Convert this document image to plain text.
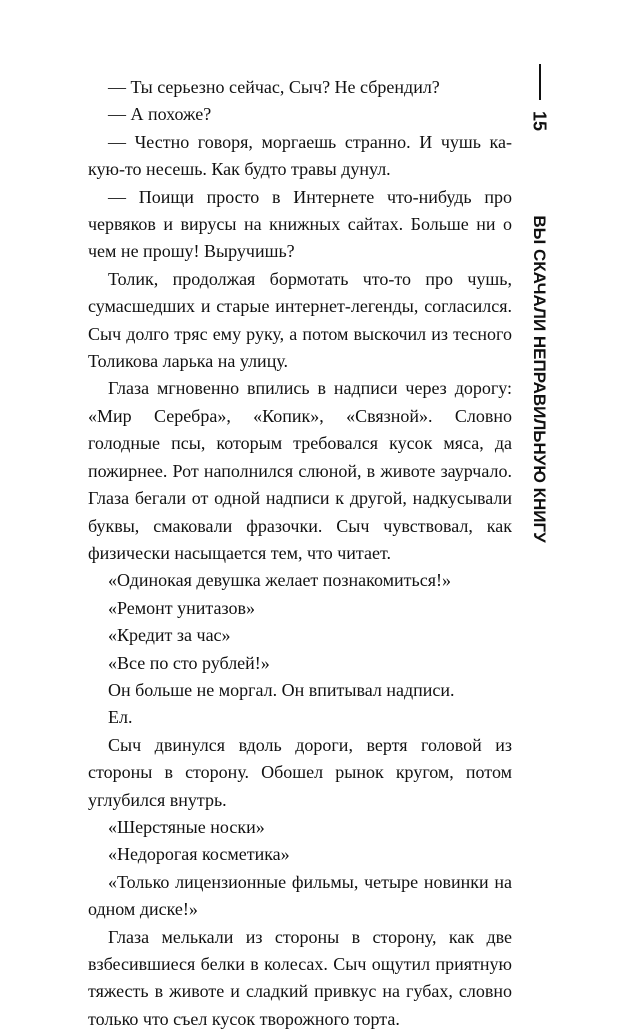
— Ты серьезно сейчас, Сыч? Не сбрендил?

— А похоже?

— Честно говоря, моргаешь странно. И чушь какую-то несешь. Как будто травы дунул.

— Поищи просто в Интернете что-нибудь про червяков и вирусы на книжных сайтах. Больше ни о чем не прошу! Выручишь?

Толик, продолжая бормотать что-то про чушь, сумасшедших и старые интернет-легенды, согласился. Сыч долго тряс ему руку, а потом выскочил из тесного Толикова ларька на улицу.

Глаза мгновенно впились в надписи через дорогу: «Мир Серебра», «Копик», «Связной». Словно голодные псы, которым требовался кусок мяса, да пожирнее. Рот наполнился слюной, в животе заурчало. Глаза бегали от одной надписи к другой, надкусывали буквы, смаковали фразочки. Сыч чувствовал, как физически насыщается тем, что читает.

«Одинокая девушка желает познакомиться!»

«Ремонт унитазов»

«Кредит за час»

«Все по сто рублей!»

Он больше не моргал. Он впитывал надписи.

Ел.

Сыч двинулся вдоль дороги, вертя головой из стороны в сторону. Обошел рынок кругом, потом углубился внутрь.

«Шерстяные носки»

«Недорогая косметика»

«Только лицензионные фильмы, четыре новинки на одном диске!»

Глаза мелькали из стороны в сторону, как две взбесившиеся белки в колесах. Сыч ощутил приятную тяжесть в животе и сладкий привкус на губах, словно только что съел кусок творожного торта.

15
ВЫ СКАЧАЛИ НЕПРАВИЛЬНУЮ КНИГУ
